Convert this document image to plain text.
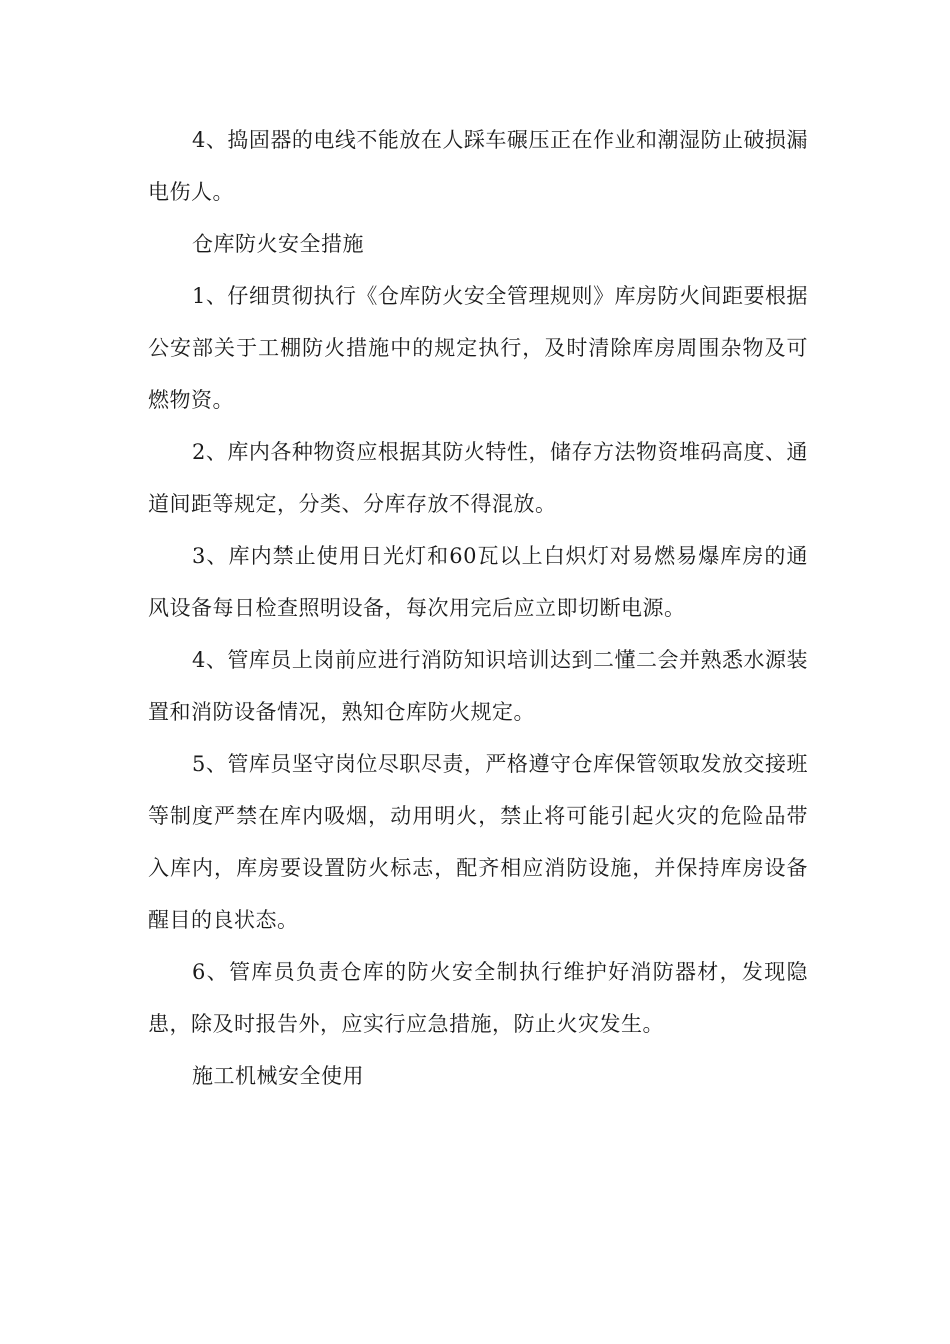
4、捣固器的电线不能放在人踩车碾压正在作业和潮湿防止破损漏电伤人。

仓库防火安全措施

1、仔细贯彻执行《仓库防火安全管理规则》库房防火间距要根据公安部关于工棚防火措施中的规定执行，及时清除库房周围杂物及可燃物资。

2、库内各种物资应根据其防火特性，储存方法物资堆码高度、通道间距等规定，分类、分库存放不得混放。

3、库内禁止使用日光灯和60瓦以上白炽灯对易燃易爆库房的通风设备每日检查照明设备，每次用完后应立即切断电源。

4、管库员上岗前应进行消防知识培训达到二懂二会并熟悉水源装置和消防设备情况，熟知仓库防火规定。

5、管库员坚守岗位尽职尽责，严格遵守仓库保管领取发放交接班等制度严禁在库内吸烟，动用明火，禁止将可能引起火灾的危险品带入库内，库房要设置防火标志，配齐相应消防设施，并保持库房设备醒目的良状态。

6、管库员负责仓库的防火安全制执行维护好消防器材，发现隐患，除及时报告外，应实行应急措施，防止火灾发生。

施工机械安全使用
